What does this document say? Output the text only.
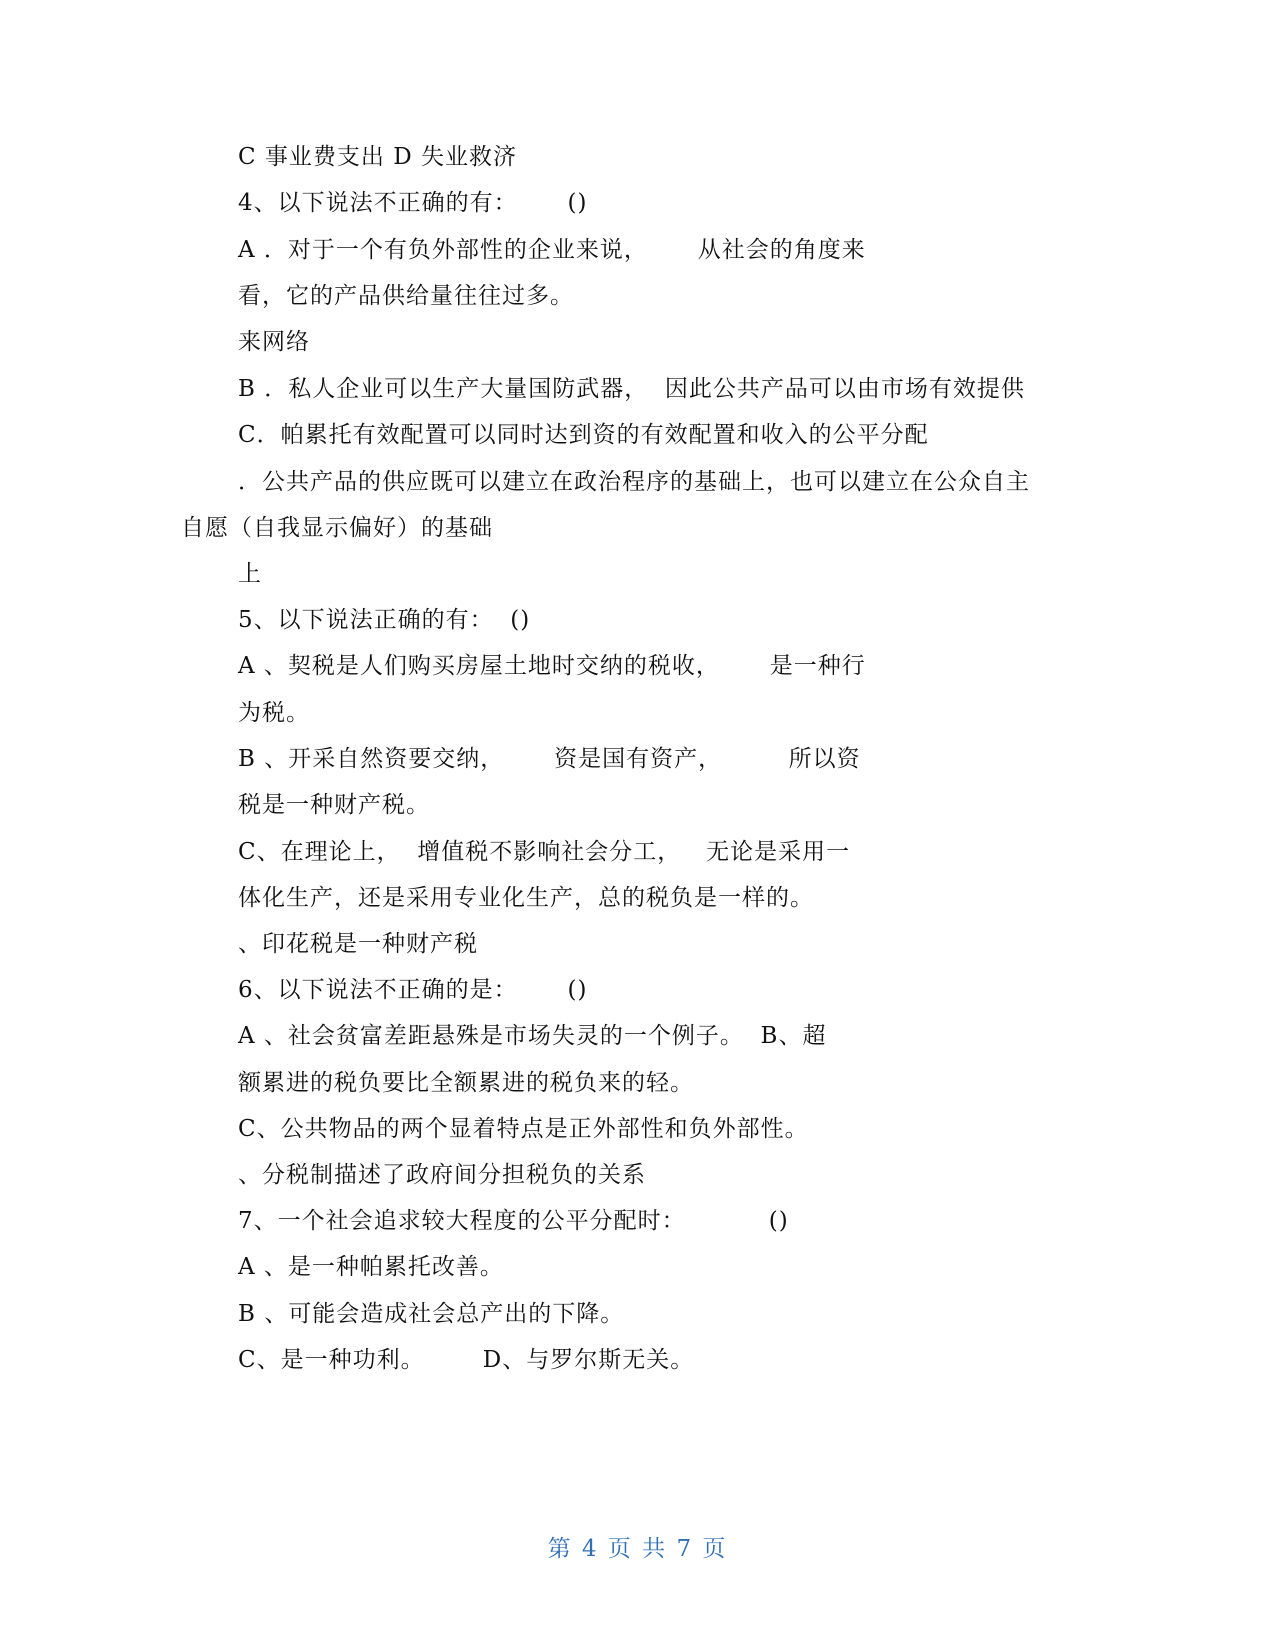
C 事业费支出 D 失业救济
4、以下说法不正确的有：      ()
A ．对于一个有负外部性的企业来说，      从社会的角度来
看，它的产品供给量往往过多。
来网络
B ．私人企业可以生产大量国防武器，  因此公共产品可以由市场有效提供
C．帕累托有效配置可以同时达到资的有效配置和收入的公平分配
．公共产品的供应既可以建立在政治程序的基础上，也可以建立在公众自主
自愿（自我显示偏好）的基础
上
5、以下说法正确的有：  ()
A 、契税是人们购买房屋土地时交纳的税收，      是一种行
为税。
B 、开采自然资要交纳，      资是国有资产，        所以资
税是一种财产税。
C、在理论上，  增值税不影响社会分工，   无论是采用一
体化生产，还是采用专业化生产，总的税负是一样的。
、印花税是一种财产税
6、以下说法不正确的是：      ()
A 、社会贫富差距悬殊是市场失灵的一个例子。  B、超
额累进的税负要比全额累进的税负来的轻。
C、公共物品的两个显着特点是正外部性和负外部性。
、分税制描述了政府间分担税负的关系
7、一个社会追求较大程度的公平分配时：          ()
A 、是一种帕累托改善。
B 、可能会造成社会总产出的下降。
C、是一种功利。       D、与罗尔斯无关。
第 4 页 共 7 页
